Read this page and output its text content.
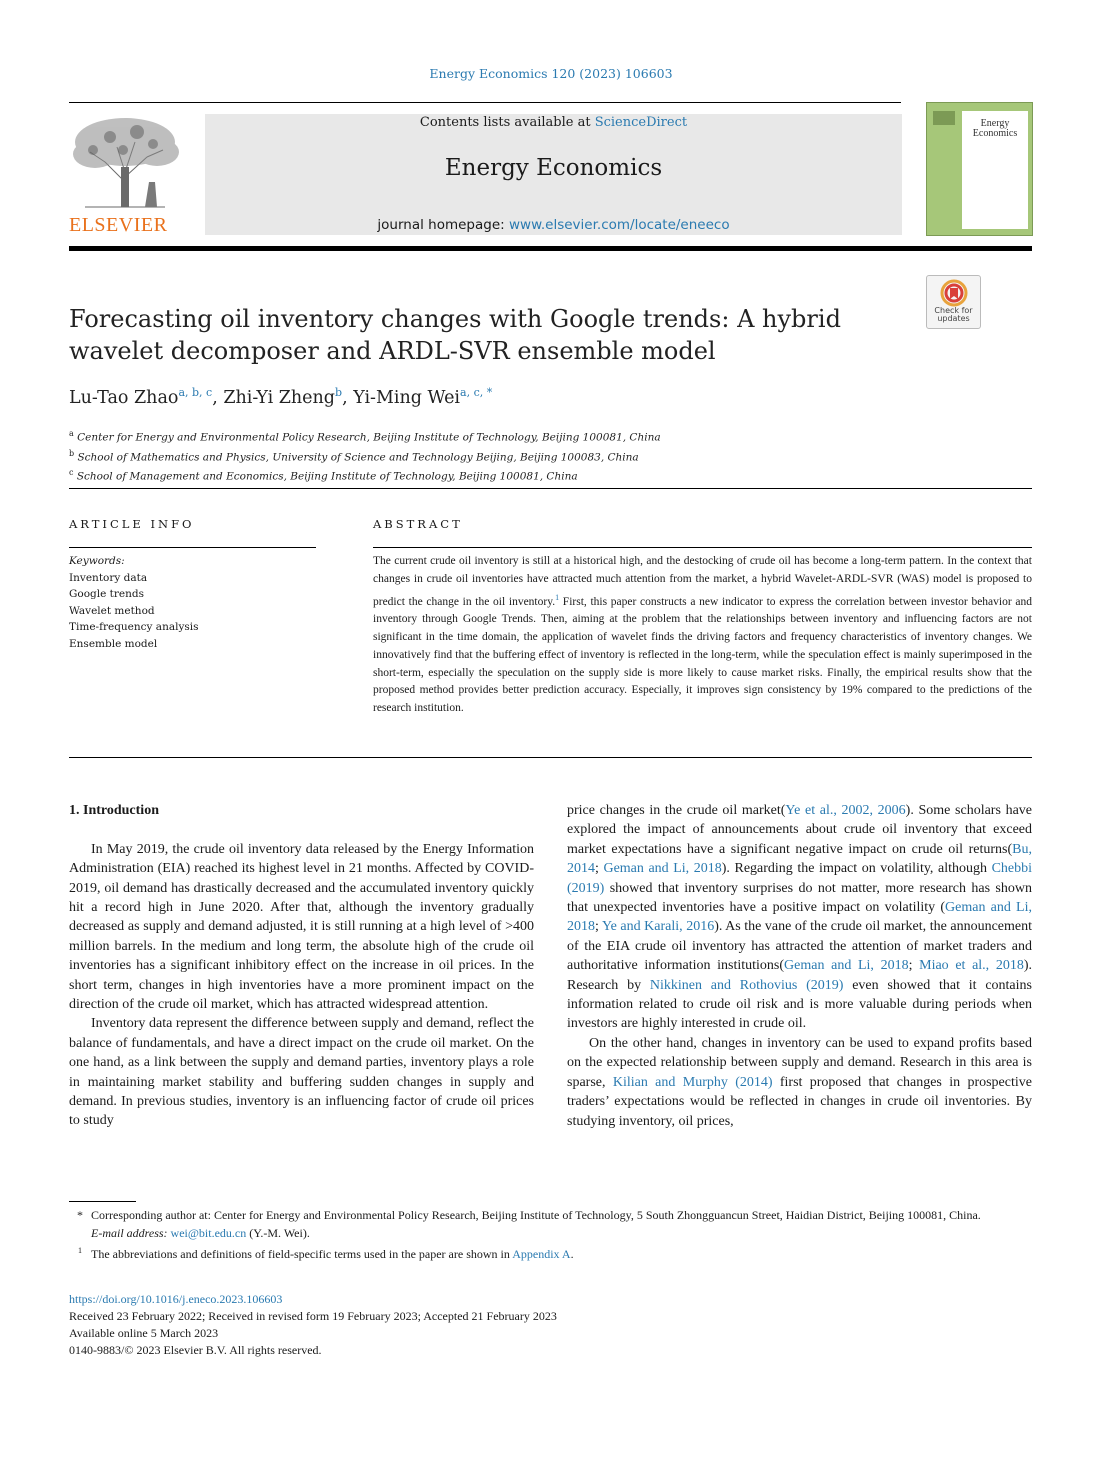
Energy Economics 120 (2023) 106603
ELSEVIER
Contents lists available at ScienceDirect
Energy Economics
journal homepage: www.elsevier.com/locate/eneeco
Energy Economics
Check for updates
Forecasting oil inventory changes with Google trends: A hybrid wavelet decomposer and ARDL-SVR ensemble model
Lu-Tao Zhao$^{a, b, c}$, Zhi-Yi Zheng$^b$, Yi-Ming Wei$^{a, c, *}$
$^a$ Center for Energy and Environmental Policy Research, Beijing Institute of Technology, Beijing 100081, China
$^b$ School of Mathematics and Physics, University of Science and Technology Beijing, Beijing 100083, China
$^c$ School of Management and Economics, Beijing Institute of Technology, Beijing 100081, China
ARTICLE INFO
Keywords:
Inventory data
Google trends
Wavelet method
Time-frequency analysis
Ensemble model
ABSTRACT
The current crude oil inventory is still at a historical high, and the destocking of crude oil has become a long-term pattern. In the context that changes in crude oil inventories have attracted much attention from the market, a hybrid Wavelet-ARDL-SVR (WAS) model is proposed to predict the change in the oil inventory.$^1$ First, this paper constructs a new indicator to express the correlation between investor behavior and inventory through Google Trends. Then, aiming at the problem that the relationships between inventory and influencing factors are not significant in the time domain, the application of wavelet finds the driving factors and frequency characteristics of inventory changes. We innovatively find that the buffering effect of inventory is reflected in the long-term, while the speculation effect is mainly superimposed in the short-term, especially the speculation on the supply side is more likely to cause market risks. Finally, the empirical results show that the proposed method provides better prediction accuracy. Especially, it improves sign consistency by 19% compared to the predictions of the research institution.

1. Introduction

In May 2019, the crude oil inventory data released by the Energy Information Administration (EIA) reached its highest level in 21 months. Affected by COVID-2019, oil demand has drastically decreased and the accumulated inventory quickly hit a record high in June 2020. After that, although the inventory gradually decreased as supply and demand adjusted, it is still running at a high level of >400 million barrels. In the medium and long term, the absolute high of the crude oil inventories has a significant inhibitory effect on the increase in oil prices. In the short term, changes in high inventories have a more prominent impact on the direction of the crude oil market, which has attracted widespread attention.

Inventory data represent the difference between supply and demand, reflect the balance of fundamentals, and have a direct impact on the crude oil market. On the one hand, as a link between the supply and demand parties, inventory plays a role in maintaining market stability and buffering sudden changes in supply and demand. In previous studies, inventory is an influencing factor of crude oil prices to study

price changes in the crude oil market(Ye et al., 2002, 2006). Some scholars have explored the impact of announcements about crude oil inventory that exceed market expectations have a significant negative impact on crude oil returns(Bu, 2014; Geman and Li, 2018). Regarding the impact on volatility, although Chebbi (2019) showed that inventory surprises do not matter, more research has shown that unexpected inventories have a positive impact on volatility (Geman and Li, 2018; Ye and Karali, 2016). As the vane of the crude oil market, the announcement of the EIA crude oil inventory has attracted the attention of market traders and authoritative information institutions(Geman and Li, 2018; Miao et al., 2018). Research by Nikkinen and Rothovius (2019) even showed that it contains information related to crude oil risk and is more valuable during periods when investors are highly interested in crude oil.

On the other hand, changes in inventory can be used to expand profits based on the expected relationship between supply and demand. Research in this area is sparse, Kilian and Murphy (2014) first proposed that changes in prospective traders’ expectations would be reflected in changes in crude oil inventories. By studying inventory, oil prices,

* Corresponding author at: Center for Energy and Environmental Policy Research, Beijing Institute of Technology, 5 South Zhongguancun Street, Haidian District, Beijing 100081, China.
E-mail address: wei@bit.edu.cn (Y.-M. Wei).
$^1$ The abbreviations and definitions of field-specific terms used in the paper are shown in Appendix A.
https://doi.org/10.1016/j.eneco.2023.106603
Received 23 February 2022; Received in revised form 19 February 2023; Accepted 21 February 2023
Available online 5 March 2023
0140-9883/© 2023 Elsevier B.V. All rights reserved.
